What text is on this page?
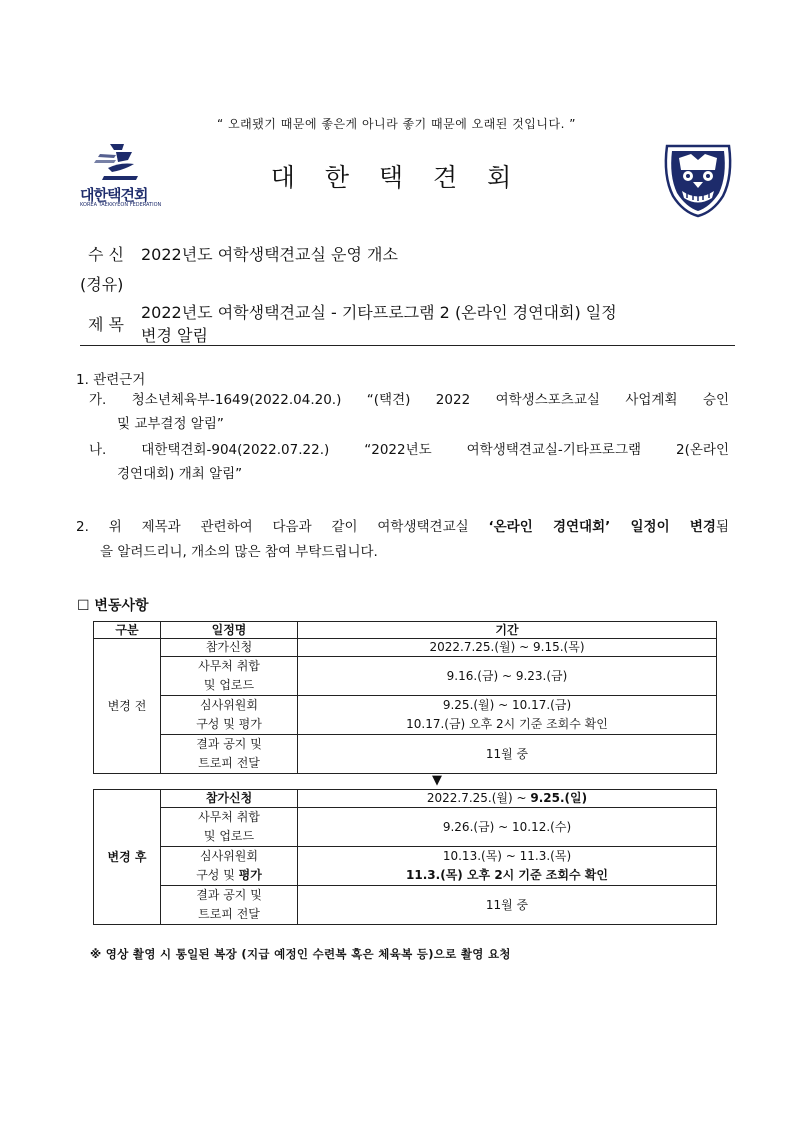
“ 오래됐기 때문에 좋은게 아니라 좋기 때문에 오래된 것입니다. ”
대한택견회
KOREA TAEKKYEON FEDERATION
대 한 택 견 회
수 신 2022년도 여학생택견교실 운영 개소
(경유)
제 목
2022년도 여학생택견교실 - 기타프로그램 2 (온라인 경연대회) 일정
변경 알림
1. 관련근거
가. 청소년체육부-1649(2022.04.20.) “(택견) 2022 여학생스포츠교실 사업계획 승인
및 교부결정 알림”
나. 대한택견회-904(2022.07.22.) “2022년도 여학생택견교실-기타프로그램 2(온라인
경연대회) 개최 알림”
2. 위 제목과 관련하여 다음과 같이 여학생택견교실 ‘온라인 경연대회’ 일정이 변경됨
을 알려드리니, 개소의 많은 참여 부탁드립니다.
☐ 변동사항
구분	일정명	기간
변경 전	참가신청	2022.7.25.(월) ~ 9.15.(목)
	사무처 취합	9.16.(금) ~ 9.23.(금)
	및 업로드	
	심사위원회	9.25.(월) ~ 10.17.(금)
	구성 및 평가	10.17.(금) 오후 2시 기준 조회수 확인
	결과 공지 및	11월 중
	트로피 전달	
▼
변경 후	참가신청	2022.7.25.(월) ~ 9.25.(일)
	사무처 취합	9.26.(금) ~ 10.12.(수)
	및 업로드	
	심사위원회	10.13.(목) ~ 11.3.(목)
	구성 및 평가	11.3.(목) 오후 2시 기준 조회수 확인
	결과 공지 및	11월 중
	트로피 전달	
※ 영상 촬영 시 통일된 복장 (지급 예정인 수련복 혹은 체육복 등)으로 촬영 요청
